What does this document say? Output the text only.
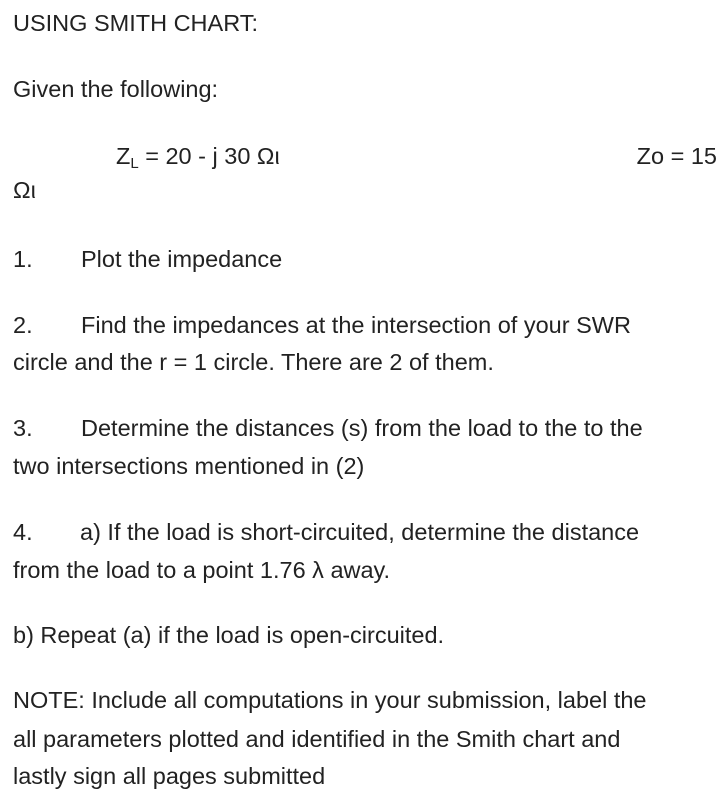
USING SMITH CHART:

Given the following:

$Z_L = 20 - j$ 30 Ωι	Zo = 15

Ωι

1. Plot the impedance

2. Find the impedances at the intersection of your SWR

circle and the r = 1 circle. There are 2 of them.

3. Determine the distances (s) from the load to the to the

two intersections mentioned in (2)

4. a) If the load is short-circuited, determine the distance

from the load to a point 1.76 λ away.

b) Repeat (a) if the load is open-circuited.

NOTE: Include all computations in your submission, label the

all parameters plotted and identified in the Smith chart and

lastly sign all pages submitted
